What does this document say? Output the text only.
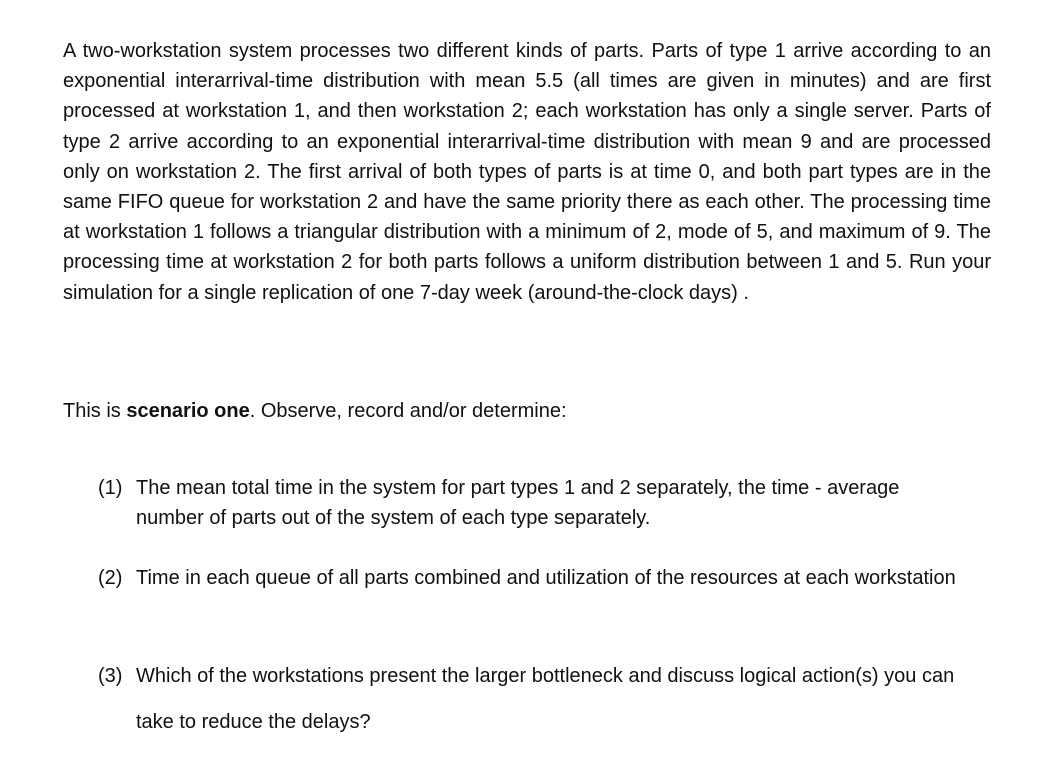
A two-workstation system processes two different kinds of parts. Parts of type 1 arrive according to an exponential interarrival-time distribution with mean 5.5 (all times are given in minutes) and are first processed at workstation 1, and then workstation 2; each workstation has only a single server. Parts of type 2 arrive according to an exponential interarrival-time distribution with mean 9 and are processed only on workstation 2. The first arrival of both types of parts is at time 0, and both part types are in the same FIFO queue for workstation 2 and have the same priority there as each other. The processing time at workstation 1 follows a triangular distribution with a minimum of 2, mode of 5, and maximum of 9. The processing time at workstation 2 for both parts follows a uniform distribution between 1 and 5. Run your simulation for a single replication of one 7-day week (around-the-clock days) .

This is scenario one. Observe, record and/or determine:

(1) The mean total time in the system for part types 1 and 2 separately, the time - average number of parts out of the system of each type separately.
(2) Time in each queue of all parts combined and utilization of the resources at each workstation
(3) Which of the workstations present the larger bottleneck and discuss logical action(s) you can take to reduce the delays?
